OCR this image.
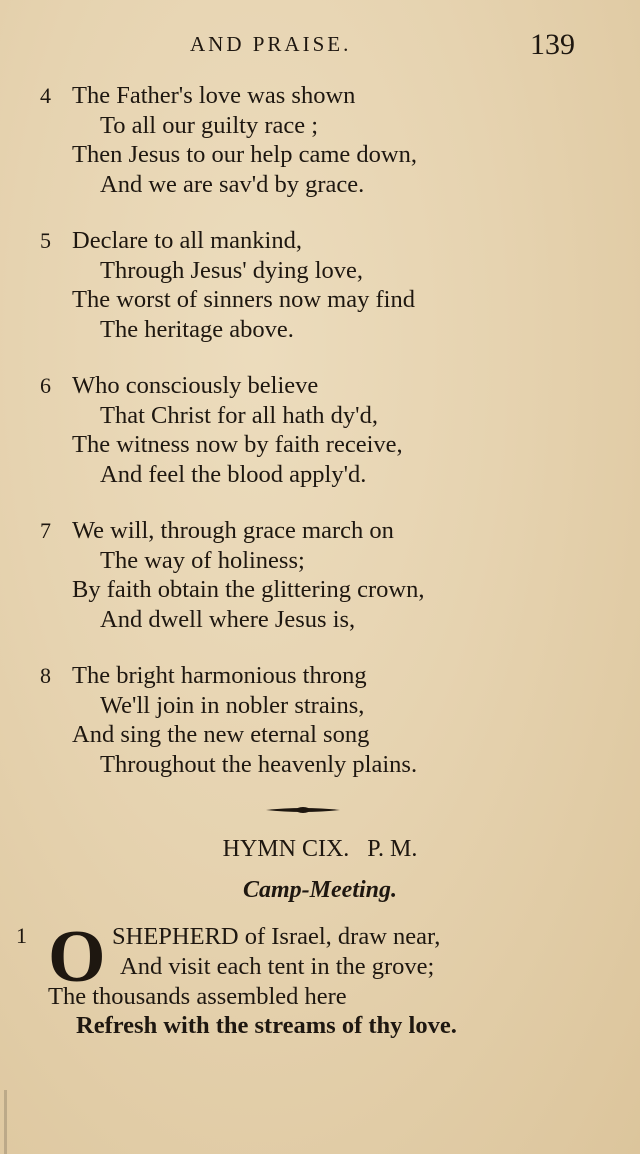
AND PRAISE.	139
4 The Father's love was shown
To all our guilty race ;
Then Jesus to our help came down,
And we are sav'd by grace.
5 Declare to all mankind,
Through Jesus' dying love,
The worst of sinners now may find
The heritage above.
6 Who consciously believe
That Christ for all hath dy'd,
The witness now by faith receive,
And feel the blood apply'd.
7 We will, through grace march on
The way of holiness;
By faith obtain the glittering crown,
And dwell where Jesus is,
8 The bright harmonious throng
We'll join in nobler strains,
And sing the new eternal song
Throughout the heavenly plains.
HYMN CIX.   P. M.
Camp-Meeting.
1 O SHEPHERD of Israel, draw near,
And visit each tent in the grove;
The thousands assembled here
Refresh with the streams of thy love.
